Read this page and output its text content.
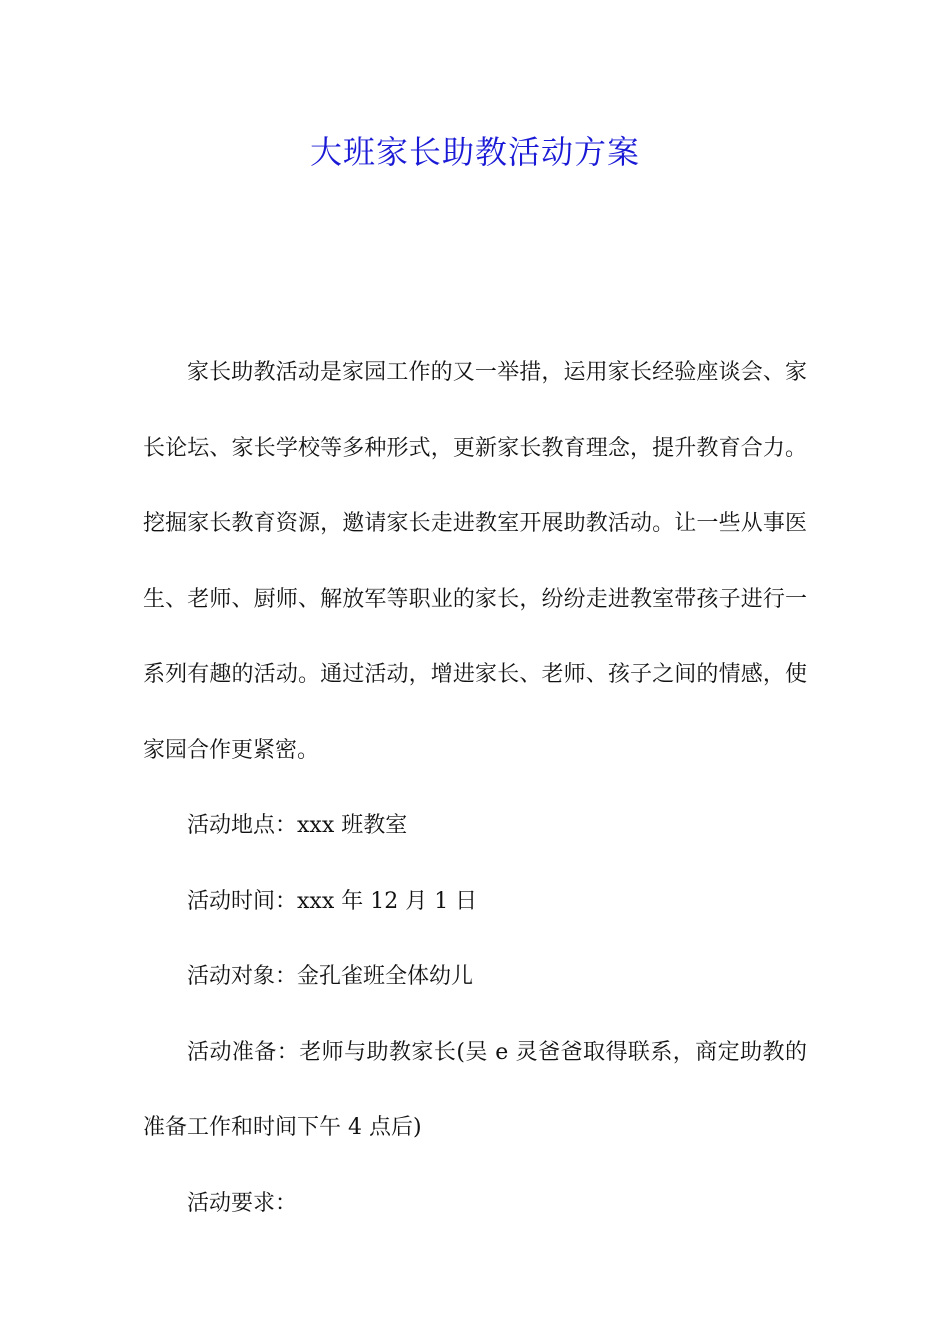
大班家长助教活动方案

家长助教活动是家园工作的又一举措，运用家长经验座谈会、家长论坛、家长学校等多种形式，更新家长教育理念，提升教育合力。挖掘家长教育资源，邀请家长走进教室开展助教活动。让一些从事医生、老师、厨师、解放军等职业的家长，纷纷走进教室带孩子进行一系列有趣的活动。通过活动，增进家长、老师、孩子之间的情感，使家园合作更紧密。

活动地点：xxx 班教室

活动时间：xxx 年 12 月 1 日

活动对象：金孔雀班全体幼儿

活动准备：老师与助教家长(吴 e 灵爸爸取得联系，商定助教的准备工作和时间下午 4 点后)

活动要求：
